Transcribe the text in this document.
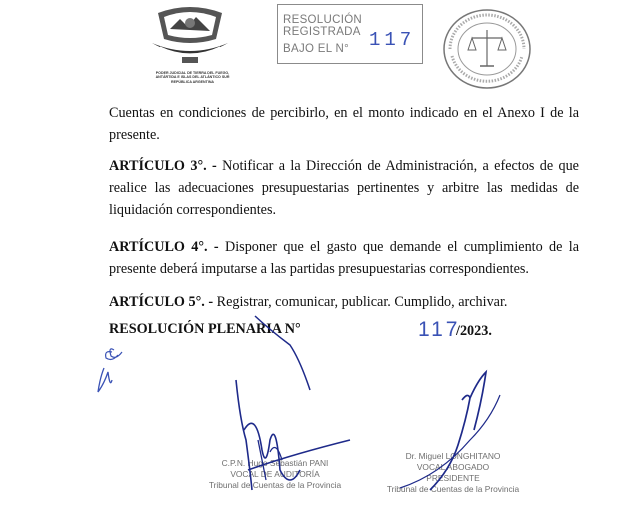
PODER JUDICIAL DE TIERRA DEL FUEGO,
ANTÁRTIDA E ISLAS DEL ATLÁNTICO SUR
REPÚBLICA ARGENTINA
RESOLUCIÓN REGISTRADA 117
BAJO EL N°
Cuentas en condiciones de percibirlo, en el monto indicado en el Anexo I de la presente.
ARTÍCULO 3°. - Notificar a la Dirección de Administración, a efectos de que realice las adecuaciones presupuestarias pertinentes y arbitre las medidas de liquidación correspondientes.
ARTÍCULO 4°. - Disponer que el gasto que demande el cumplimiento de la presente deberá imputarse a las partidas presupuestarias correspondientes.
ARTÍCULO 5°. - Registrar, comunicar, publicar. Cumplido, archivar.
RESOLUCIÓN PLENARIA N°	117
/2023.
C.P.N. Hugo Sebastián PANI
VOCAL DE AUDITORÍA
Tribunal de Cuentas de la Provincia
Dr. Miguel LONGHITANO
VOCAL ABOGADO
PRESIDENTE
Tribunal de Cuentas de la Provincia
